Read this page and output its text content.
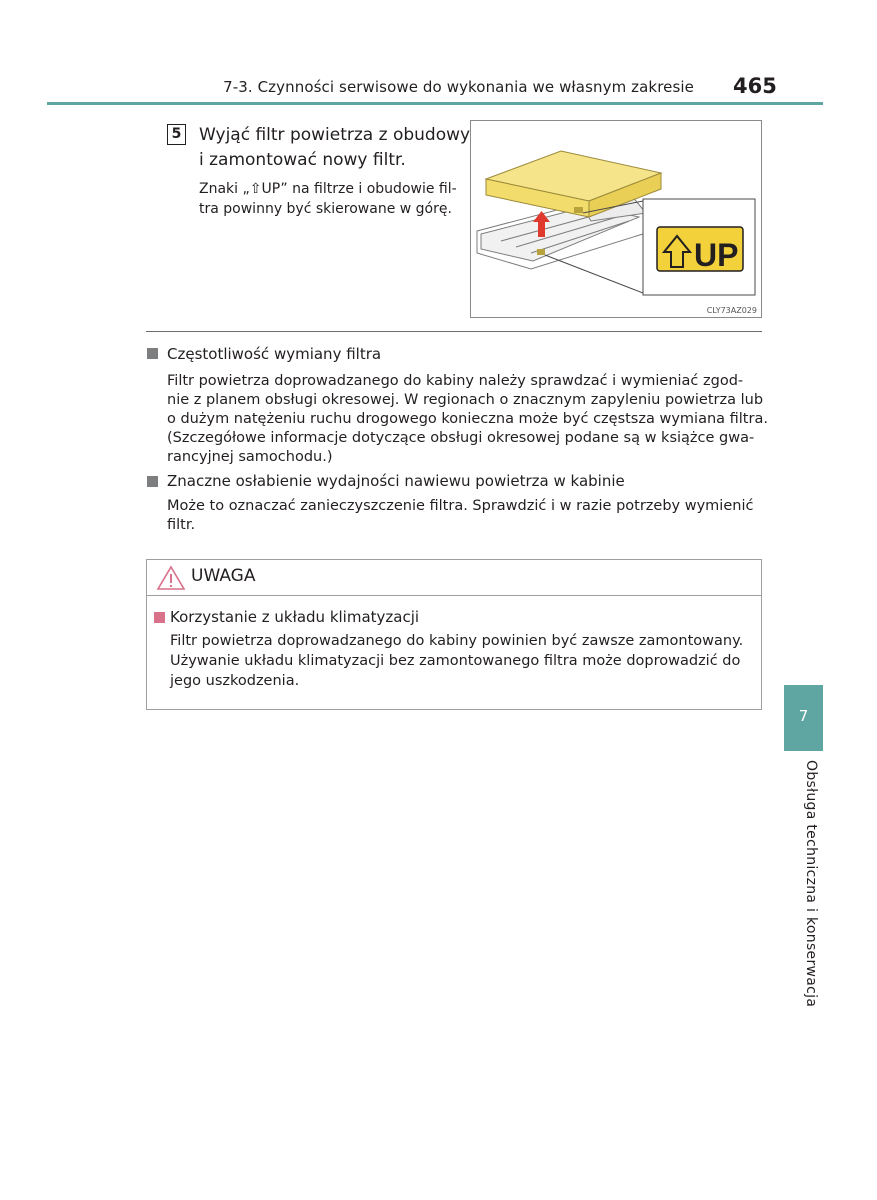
7-3. Czynności serwisowe do wykonania we własnym zakresie 465
5 Wyjąć filtr powietrza z obudowy
i zamontować nowy filtr.
Znaki „⇧UP” na filtrze i obudowie fil-
tra powinny być skierowane w górę.
UP
CLY73AZ029
Częstotliwość wymiany filtra
Filtr powietrza doprowadzanego do kabiny należy sprawdzać i wymieniać zgod-
nie z planem obsługi okresowej. W regionach o znacznym zapyleniu powietrza lub
o dużym natężeniu ruchu drogowego konieczna może być częstsza wymiana filtra.
(Szczegółowe informacje dotyczące obsługi okresowej podane są w książce gwa-
rancyjnej samochodu.)
Znaczne osłabienie wydajności nawiewu powietrza w kabinie
Może to oznaczać zanieczyszczenie filtra. Sprawdzić i w razie potrzeby wymienić
filtr.
UWAGA
Korzystanie z układu klimatyzacji
Filtr powietrza doprowadzanego do kabiny powinien być zawsze zamontowany.
Używanie układu klimatyzacji bez zamontowanego filtra może doprowadzić do
jego uszkodzenia.
7
Obsługa techniczna i konserwacja
